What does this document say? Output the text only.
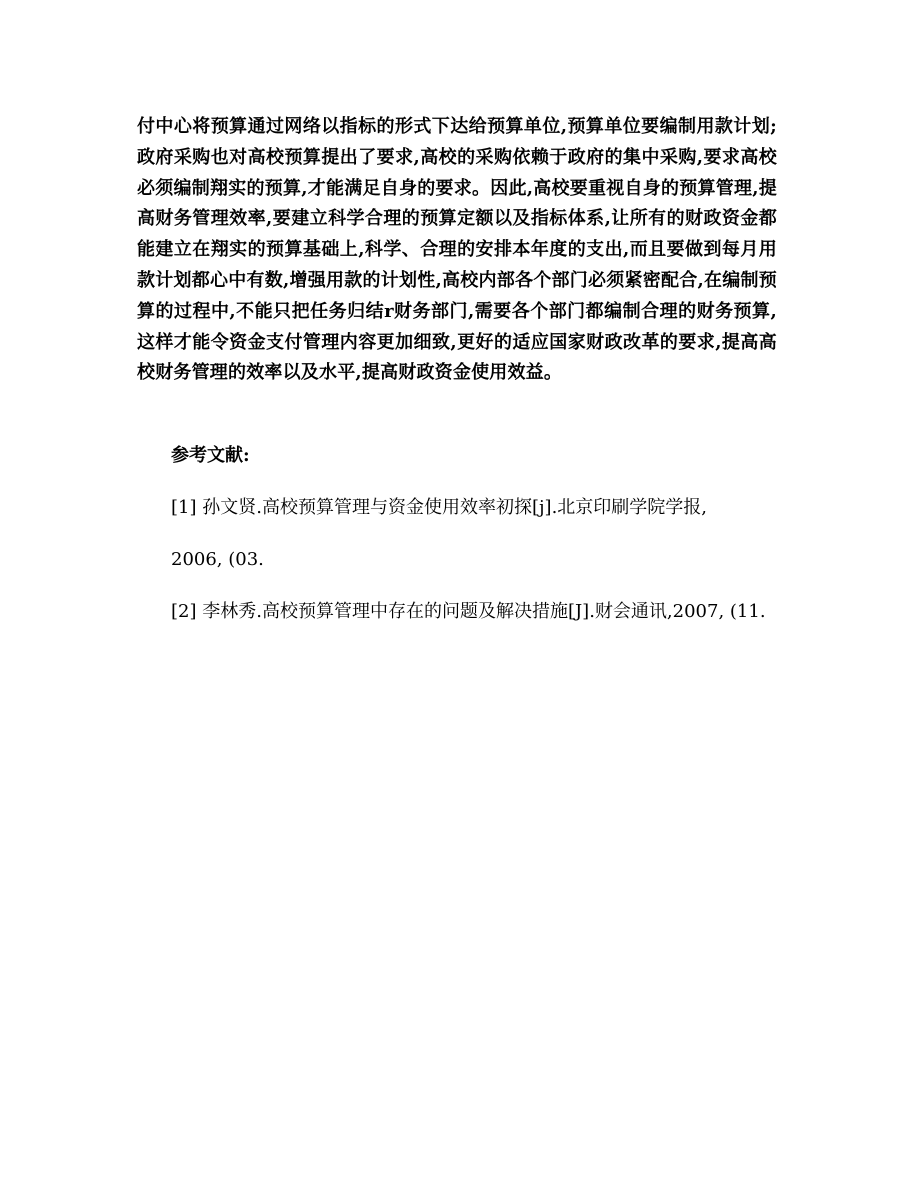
付中心将预算通过网络以指标的形式下达给预算单位,预算单位要编制用款计划;政府采购也对高校预算提出了要求,高校的采购依赖于政府的集中采购,要求高校必须编制翔实的预算,才能满足自身的要求。因此,高校要重视自身的预算管理,提高财务管理效率,要建立科学合理的预算定额以及指标体系,让所有的财政资金都能建立在翔实的预算基础上,科学、合理的安排本年度的支出,而且要做到每月用款计划都心中有数,增强用款的计划性,高校内部各个部门必须紧密配合,在编制预算的过程中,不能只把任务归结r财务部门,需要各个部门都编制合理的财务预算,这样才能令资金支付管理内容更加细致,更好的适应国家财政改革的要求,提高高校财务管理的效率以及水平,提高财政资金使用效益。

参考文献:

[1] 孙文贤.高校预算管理与资金使用效率初探[j].北京印刷学院学报,

2006, (03.

[2] 李林秀.高校预算管理中存在的问题及解决措施[J].财会通讯,2007, (11.
